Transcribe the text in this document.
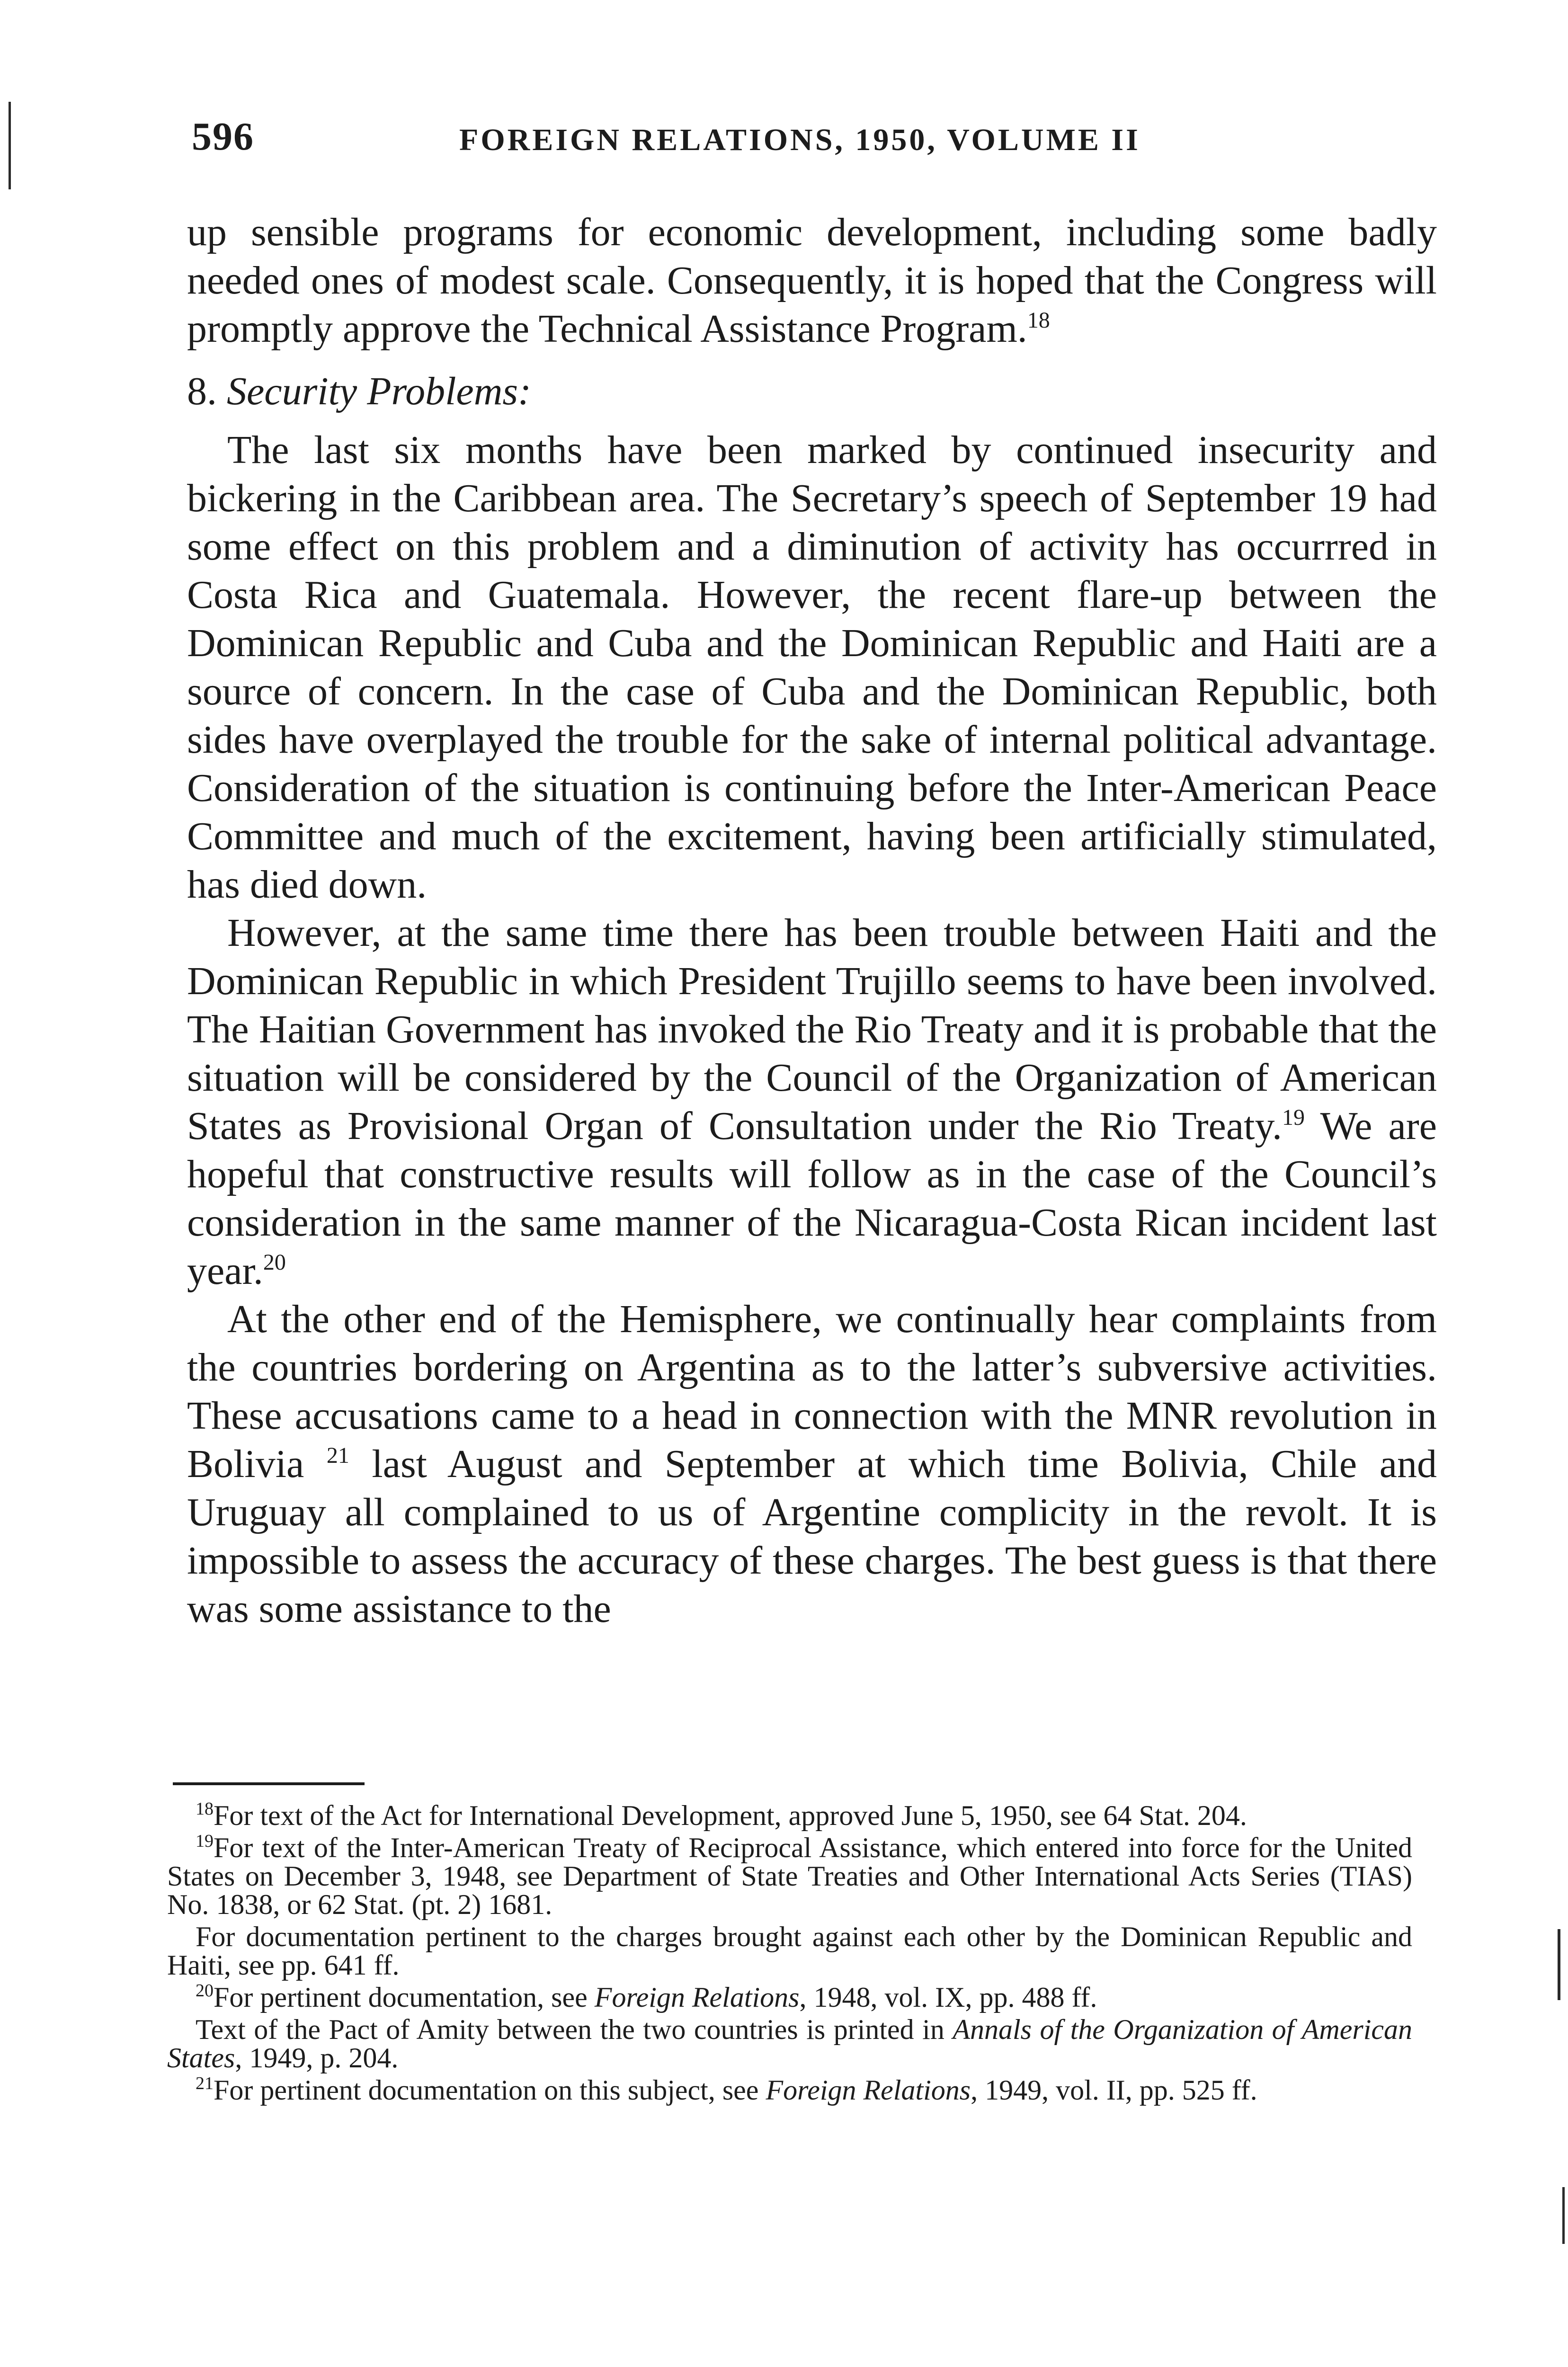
596	FOREIGN RELATIONS, 1950, VOLUME II

up sensible programs for economic development, including some badly needed ones of modest scale. Consequently, it is hoped that the Congress will promptly approve the Technical Assistance Program.$^{18}$

8. Security Problems:

The last six months have been marked by continued insecurity and bickering in the Caribbean area. The Secretary’s speech of September 19 had some effect on this problem and a diminution of activity has occurrred in Costa Rica and Guatemala. However, the recent flare-up between the Dominican Republic and Cuba and the Dominican Republic and Haiti are a source of concern. In the case of Cuba and the Dominican Republic, both sides have overplayed the trouble for the sake of internal political advantage. Consideration of the situation is continuing before the Inter-American Peace Committee and much of the excitement, having been artificially stimulated, has died down.

However, at the same time there has been trouble between Haiti and the Dominican Republic in which President Trujillo seems to have been involved. The Haitian Government has invoked the Rio Treaty and it is probable that the situation will be considered by the Council of the Organization of American States as Provisional Organ of Consultation under the Rio Treaty.$^{19}$ We are hopeful that constructive results will follow as in the case of the Council’s consideration in the same manner of the Nicaragua-Costa Rican incident last year.$^{20}$

At the other end of the Hemisphere, we continually hear complaints from the countries bordering on Argentina as to the latter’s subversive activities. These accusations came to a head in connection with the MNR revolution in Bolivia $^{21}$ last August and September at which time Bolivia, Chile and Uruguay all complained to us of Argentine complicity in the revolt. It is impossible to assess the accuracy of these charges. The best guess is that there was some assistance to the

$^{18}$For text of the Act for International Development, approved June 5, 1950, see 64 Stat. 204.

$^{19}$For text of the Inter-American Treaty of Reciprocal Assistance, which entered into force for the United States on December 3, 1948, see Department of State Treaties and Other International Acts Series (TIAS) No. 1838, or 62 Stat. (pt. 2) 1681.

For documentation pertinent to the charges brought against each other by the Dominican Republic and Haiti, see pp. 641 ff.

$^{20}$For pertinent documentation, see Foreign Relations, 1948, vol. IX, pp. 488 ff.

Text of the Pact of Amity between the two countries is printed in Annals of the Organization of American States, 1949, p. 204.

$^{21}$For pertinent documentation on this subject, see Foreign Relations, 1949, vol. II, pp. 525 ff.
